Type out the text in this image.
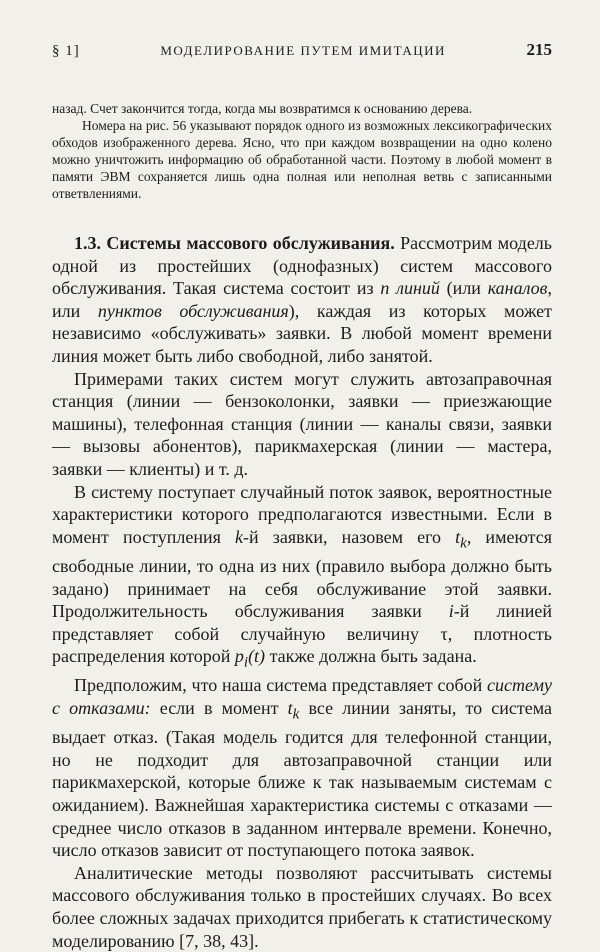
§ 1]	МОДЕЛИРОВАНИЕ ПУТЕМ ИМИТАЦИИ	215

назад. Счет закончится тогда, когда мы возвратимся к основанию дерева.

Номера на рис. 56 указывают порядок одного из возможных лексикографических обходов изображенного дерева. Ясно, что при каждом возвращении на одно колено можно уничтожить информацию об обработанной части. Поэтому в любой момент в памяти ЭВМ сохраняется лишь одна полная или неполная ветвь с записанными ответвлениями.

1.3. Системы массового обслуживания. Рассмотрим модель одной из простейших (однофазных) систем массового обслуживания. Такая система состоит из n линий (или каналов, или пунктов обслуживания), каждая из которых может независимо «обслуживать» заявки. В любой момент времени линия может быть либо свободной, либо занятой.

Примерами таких систем могут служить автозаправочная станция (линии — бензоколонки, заявки — приезжающие машины), телефонная станция (линии — каналы связи, заявки — вызовы абонентов), парикмахерская (линии — мастера, заявки — клиенты) и т. д.

В систему поступает случайный поток заявок, вероятностные характеристики которого предполагаются известными. Если в момент поступления k-й заявки, назовем его $t_k$, имеются свободные линии, то одна из них (правило выбора должно быть задано) принимает на себя обслуживание этой заявки. Продолжительность обслуживания заявки i-й линией представляет собой случайную величину τ, плотность распределения которой $p_i(t)$ также должна быть задана.

Предположим, что наша система представляет собой систему с отказами: если в момент $t_k$ все линии заняты, то система выдает отказ. (Такая модель годится для телефонной станции, но не подходит для автозаправочной станции или парикмахерской, которые ближе к так называемым системам с ожиданием). Важнейшая характеристика системы с отказами — среднее число отказов в заданном интервале времени. Конечно, число отказов зависит от поступающего потока заявок.

Аналитические методы позволяют рассчитывать системы массового обслуживания только в простейших случаях. Во всех более сложных задачах приходится прибегать к статистическому моделированию [7, 38, 43].
